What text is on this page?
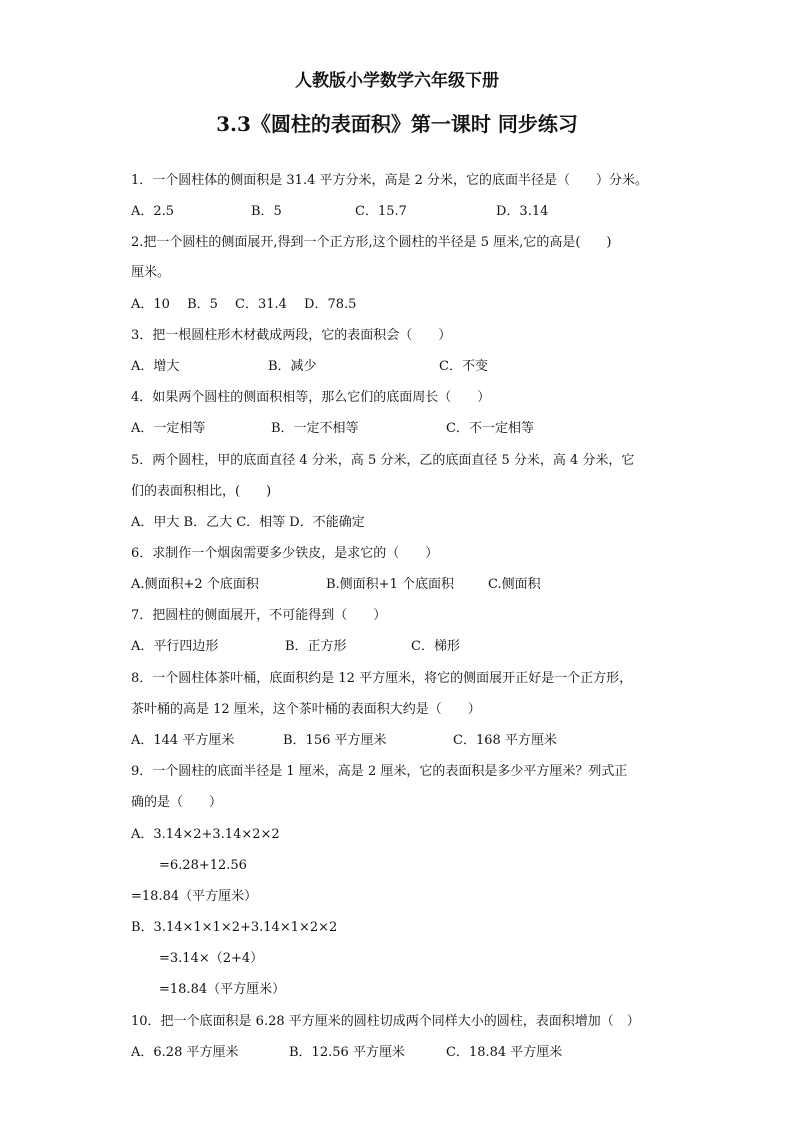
人教版小学数学六年级下册
3.3《圆柱的表面积》第一课时 同步练习
1．一个圆柱体的侧面积是 31.4 平方分米，高是 2 分米，它的底面半径是（　　）分米。
A．2.5	B．5	C．15.7	D．3.14
2.把一个圆柱的侧面展开,得到一个正方形,这个圆柱的半径是 5 厘米,它的高是(　　)
厘米。
A．10　 B．5　 C．31.4　 D．78.5
3．把一根圆柱形木材截成两段，它的表面积会（　　）
A．增大	B．减少	C．不变
4．如果两个圆柱的侧面积相等，那么它们的底面周长（　　）
A．一定相等	B．一定不相等	C．不一定相等
5．两个圆柱，甲的底面直径 4 分米，高 5 分米，乙的底面直径 5 分米，高 4 分米，它
们的表面积相比，(　　)
A．甲大 B．乙大 C．相等 D．不能确定
6．求制作一个烟囱需要多少铁皮，是求它的（　　）
A.侧面积+2 个底面积	B.侧面积+1 个底面积	C.侧面积
7．把圆柱的侧面展开，不可能得到（　　）
A．平行四边形	B．正方形	C．梯形
8．一个圆柱体茶叶桶，底面积约是 12 平方厘米，将它的侧面展开正好是一个正方形，
茶叶桶的高是 12 厘米，这个茶叶桶的表面积大约是（　　）
A．144 平方厘米	B．156 平方厘米	C．168 平方厘米
9．一个圆柱的底面半径是 1 厘米，高是 2 厘米，它的表面积是多少平方厘米？列式正
确的是（　　）
A．3.14×2+3.14×2×2
=6.28+12.56
=18.84（平方厘米）
B．3.14×1×1×2+3.14×1×2×2
=3.14×（2+4）
=18.84（平方厘米）
10．把一个底面积是 6.28 平方厘米的圆柱切成两个同样大小的圆柱，表面积增加（　）
A．6.28 平方厘米	B．12.56 平方厘米	C．18.84 平方厘米
